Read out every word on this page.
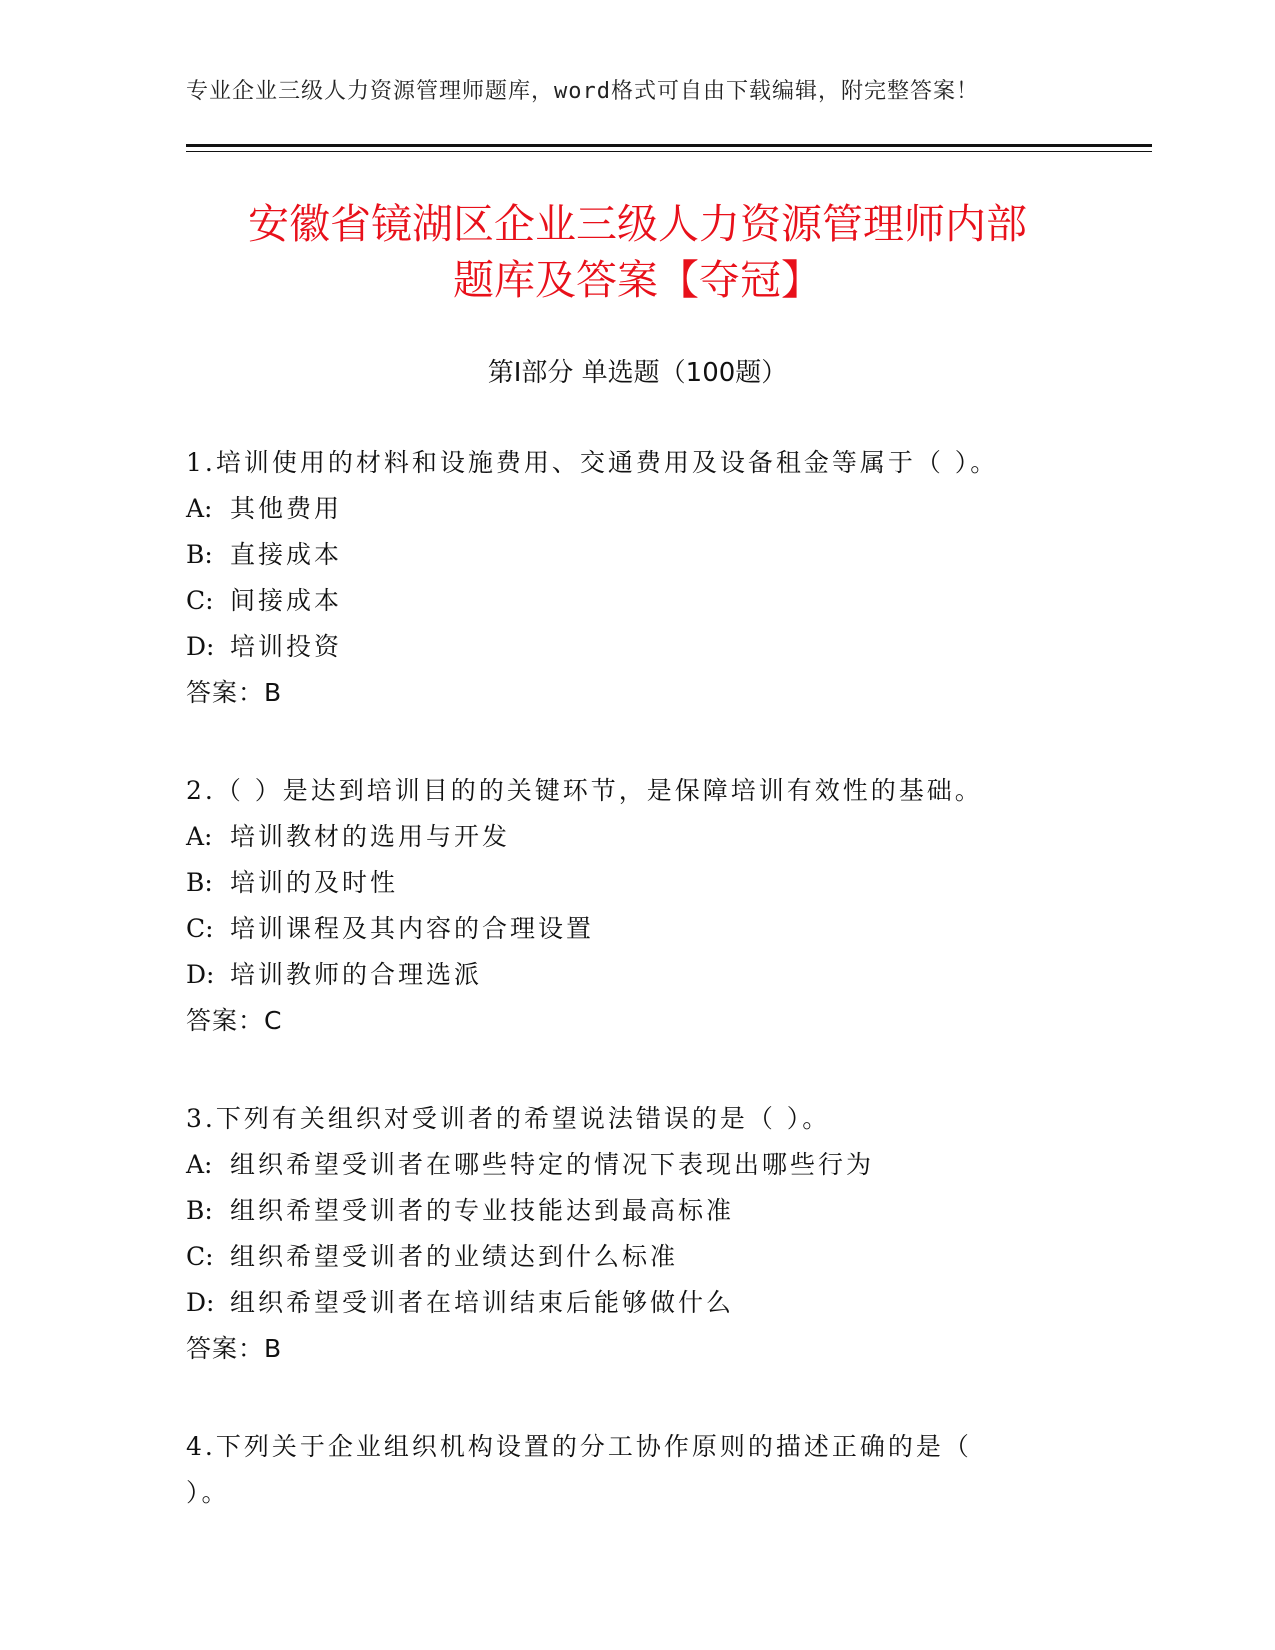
专业企业三级人力资源管理师题库，word格式可自由下载编辑，附完整答案！
安徽省镜湖区企业三级人力资源管理师内部
题库及答案【夺冠】
第Ⅰ部分 单选题（100题）
1.培训使用的材料和设施费用、交通费用及设备租金等属于（ ）。
A: 其他费用
B: 直接成本
C: 间接成本
D: 培训投资
答案：B
2.（ ）是达到培训目的的关键环节，是保障培训有效性的基础。
A: 培训教材的选用与开发
B: 培训的及时性
C: 培训课程及其内容的合理设置
D: 培训教师的合理选派
答案：C
3.下列有关组织对受训者的希望说法错误的是（ ）。
A: 组织希望受训者在哪些特定的情况下表现出哪些行为
B: 组织希望受训者的专业技能达到最高标准
C: 组织希望受训者的业绩达到什么标准
D: 组织希望受训者在培训结束后能够做什么
答案：B
4.下列关于企业组织机构设置的分工协作原则的描述正确的是（
）。
